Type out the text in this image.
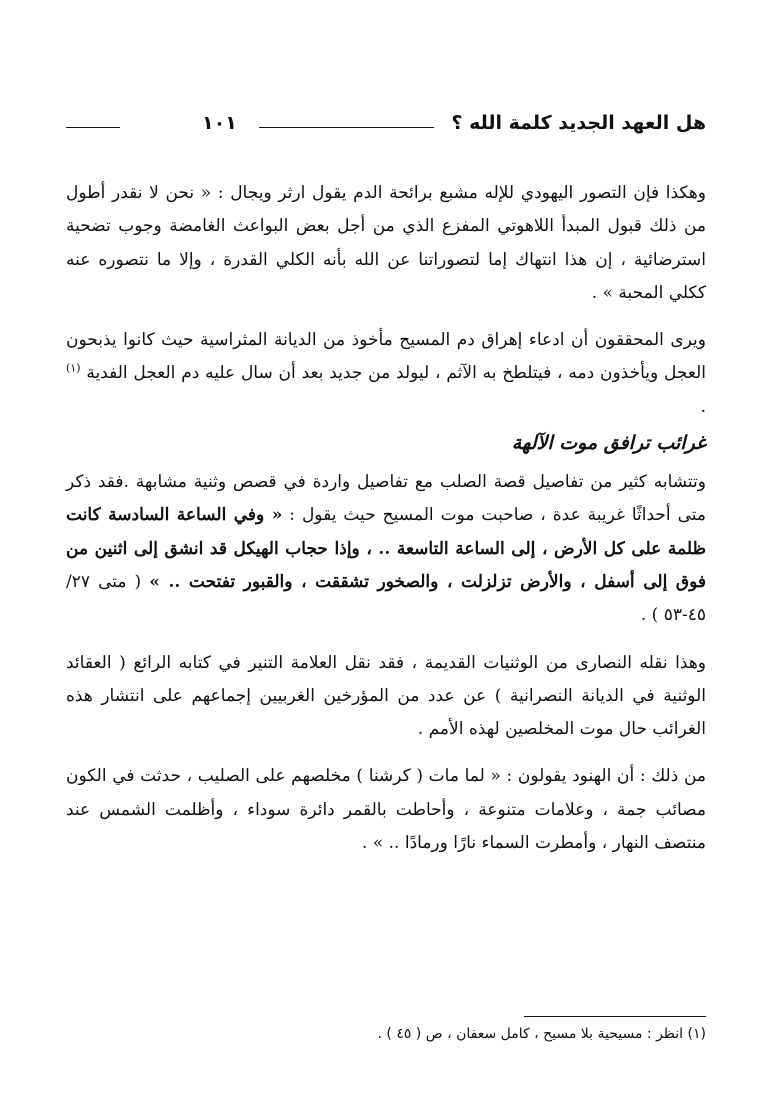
هل العهد الجديد كلمة الله ؟
١٠١

وهكذا فإن التصور اليهودي للإله مشبع برائحة الدم يقول ارثر ويجال : « نحن لا نقدر أطول من ذلك قبول المبدأ اللاهوتي المفزع الذي من أجل بعض البواعث الغامضة وجوب تضحية استرضائية ، إن هذا انتهاك إما لتصوراتنا عن الله بأنه الكلي القدرة ، وإلا ما نتصوره عنه ككلي المحبة » .

ويرى المحققون أن ادعاء إهراق دم المسيح مأخوذ من الديانة المثراسية حيث كانوا يذبحون العجل ويأخذون دمه ، فيتلطخ به الآثم ، ليولد من جديد بعد أن سال عليه دم العجل الفدية $^{(١)}$ .

غرائب ترافق موت الآلهة

وتتشابه كثير من تفاصيل قصة الصلب مع تفاصيل واردة في قصص وثنية مشابهة .فقد ذكر متى أحداثًا غريبة عدة ، صاحبت موت المسيح حيث يقول : « وفي الساعة السادسة كانت ظلمة على كل الأرض ، إلى الساعة التاسعة .. ، وإذا حجاب الهيكل قد انشق إلى اثنين من فوق إلى أسفل ، والأرض تزلزلت ، والصخور تشققت ، والقبور تفتحت .. » ( متى ٢٧/ ٤٥-٥٣ ) .

وهذا نقله النصارى من الوثنيات القديمة ، فقد نقل العلامة التنير في كتابه الرائع ( العقائد الوثنية في الديانة النصرانية ) عن عدد من المؤرخين الغربيين إجماعهم على انتشار هذه الغرائب حال موت المخلصين لهذه الأمم .

من ذلك : أن الهنود يقولون : « لما مات ( كرشنا ) مخلصهم على الصليب ، حدثت في الكون مصائب جمة ، وعلامات متنوعة ، وأحاطت بالقمر دائرة سوداء ، وأظلمت الشمس عند منتصف النهار ، وأمطرت السماء نارًا ورمادًا .. » .

(١) انظر : مسيحية بلا مسيح ، كامل سعفان ، ص ( ٤٥ ) .
